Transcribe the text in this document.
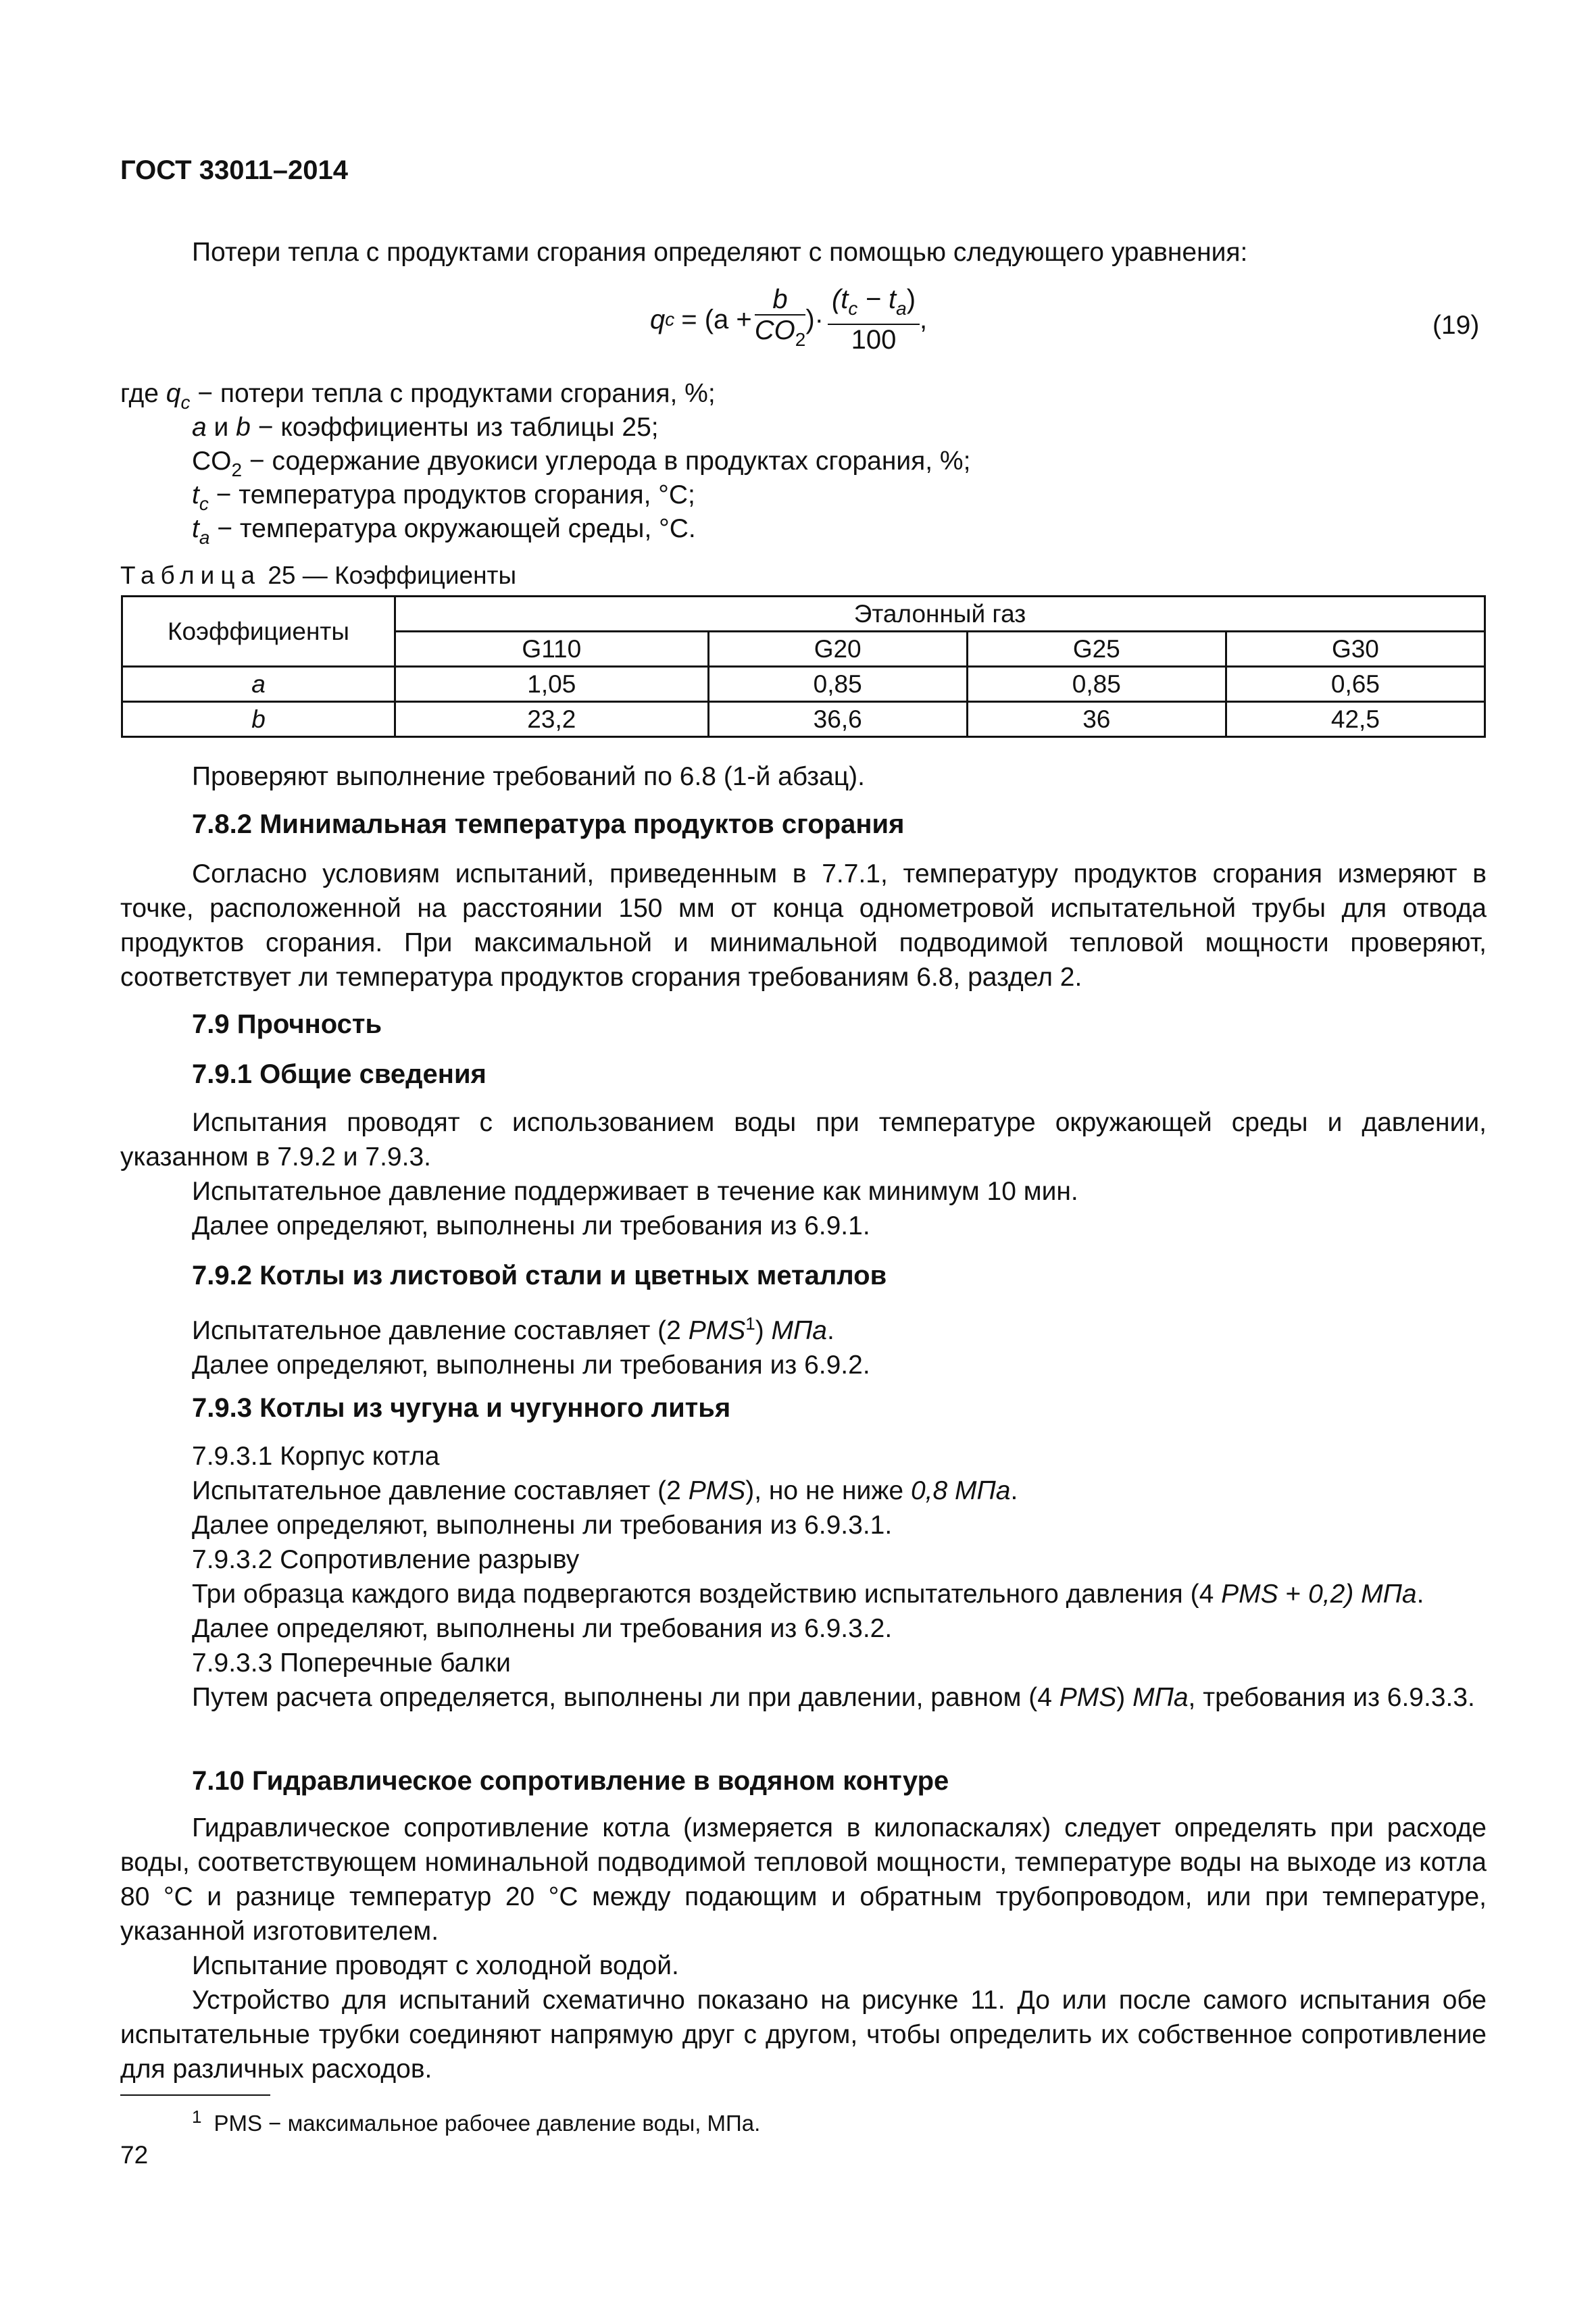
ГОСТ 33011–2014
Потери тепла с продуктами сгорания определяют с помощью следующего уравнения:
q $c = (a + \frac{b}{CO_2}$ )· $\frac{(t_c - t_a)}{100}$ ,	(19)
где $q_c$ − потери тепла с продуктами сгорания, %;
a и b − коэффициенты из таблицы 25;
$CO_2$ − содержание двуокиси углерода в продуктах сгорания, %;
$t_c$ − температура продуктов сгорания, °С;
$t_a$ − температура окружающей среды, °С.
Таблица 25 — Коэффициенты
Коэффициенты	Эталонный газ			
	G110	G20	G25	G30
a	1,05	0,85	0,85	0,65
b	23,2	36,6	36	42,5
Проверяют выполнение требований по 6.8 (1-й абзац).
7.8.2 Минимальная температура продуктов сгорания

Согласно условиям испытаний, приведенным в 7.7.1, температуру продуктов сгорания измеряют в точке, расположенной на расстоянии 150 мм от конца однометровой испытательной трубы для отвода продуктов сгорания. При максимальной и минимальной подводимой тепловой мощности проверяют, соответствует ли температура продуктов сгорания требованиям 6.8, раздел 2.

7.9 Прочность
7.9.1 Общие сведения

Испытания проводят с использованием воды при температуре окружающей среды и давлении, указанном в 7.9.2 и 7.9.3.

Испытательное давление поддерживает в течение как минимум 10 мин.

Далее определяют, выполнены ли требования из 6.9.1.

7.9.2 Котлы из листовой стали и цветных металлов

Испытательное давление составляет (2 PMS$^1$) МПа.

Далее определяют, выполнены ли требования из 6.9.2.

7.9.3 Котлы из чугуна и чугунного литья

7.9.3.1 Корпус котла

Испытательное давление составляет (2 PMS), но не ниже 0,8 МПа.

Далее определяют, выполнены ли требования из 6.9.3.1.

7.9.3.2 Сопротивление разрыву

Три образца каждого вида подвергаются воздействию испытательного давления (4 PMS + 0,2) МПа.

Далее определяют, выполнены ли требования из 6.9.3.2.

7.9.3.3 Поперечные балки

Путем расчета определяется, выполнены ли при давлении, равном (4 PMS) МПа, требования из 6.9.3.3.

7.10 Гидравлическое сопротивление в водяном контуре

Гидравлическое сопротивление котла (измеряется в килопаскалях) следует определять при расходе воды, соответствующем номинальной подводимой тепловой мощности, температуре воды на выходе из котла 80 °С и разнице температур 20 °С между подающим и обратным трубопроводом, или при температуре, указанной изготовителем.

Испытание проводят с холодной водой.

Устройство для испытаний схематично показано на рисунке 11. До или после самого испытания обе испытательные трубки соединяют напрямую друг с другом, чтобы определить их собственное сопротивление для различных расходов.

$^1$ PMS − максимальное рабочее давление воды, МПа.
72
